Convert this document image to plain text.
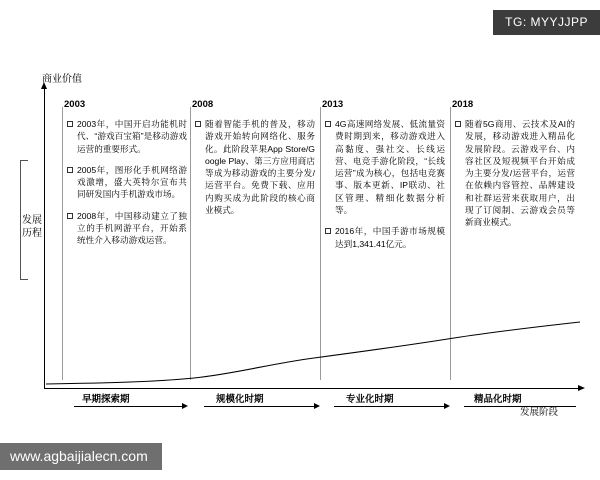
TG: MYYJJPP
商业价值
发展历程
2003	2008	2013	2018
2003年，中国开启功能机时代、“游戏百宝箱”是移动游戏运营的重要形式。
2005年，图形化手机网络游戏激增，盛大英特尔宣布共同研发国内手机游戏市场。
2008年，中国移动建立了独立的手机网游平台，开始系统性介入移动游戏运营。
随着智能手机的普及，移动游戏开始转向网络化、服务化。此阶段苹果App Store/Google Play、第三方应用商店等成为移动游戏的主要分发/运营平台。免费下载、应用内购买成为此阶段的核心商业模式。
4G高速网络发展、低流量资费时期到来，移动游戏进入高黏度、强社交、长线运营、电竞手游化阶段，“长线运营”成为核心，包括电竞赛事、版本更新、IP联动、社区管理、精细化数据分析等。
2016年，中国手游市场规模达到1,341.41亿元。
随着5G商用、云技术及AI的发展，移动游戏进入精品化发展阶段。云游戏平台、内容社区及短视频平台开始成为主要分发/运营平台，运营在依赖内容管控、品牌建设和社群运营来获取用户，出现了订阅制、云游戏会员等新商业模式。
早期探索期	规模化时期	专业化时期	精品化时期
发展阶段
www.agbaijialecn.com
